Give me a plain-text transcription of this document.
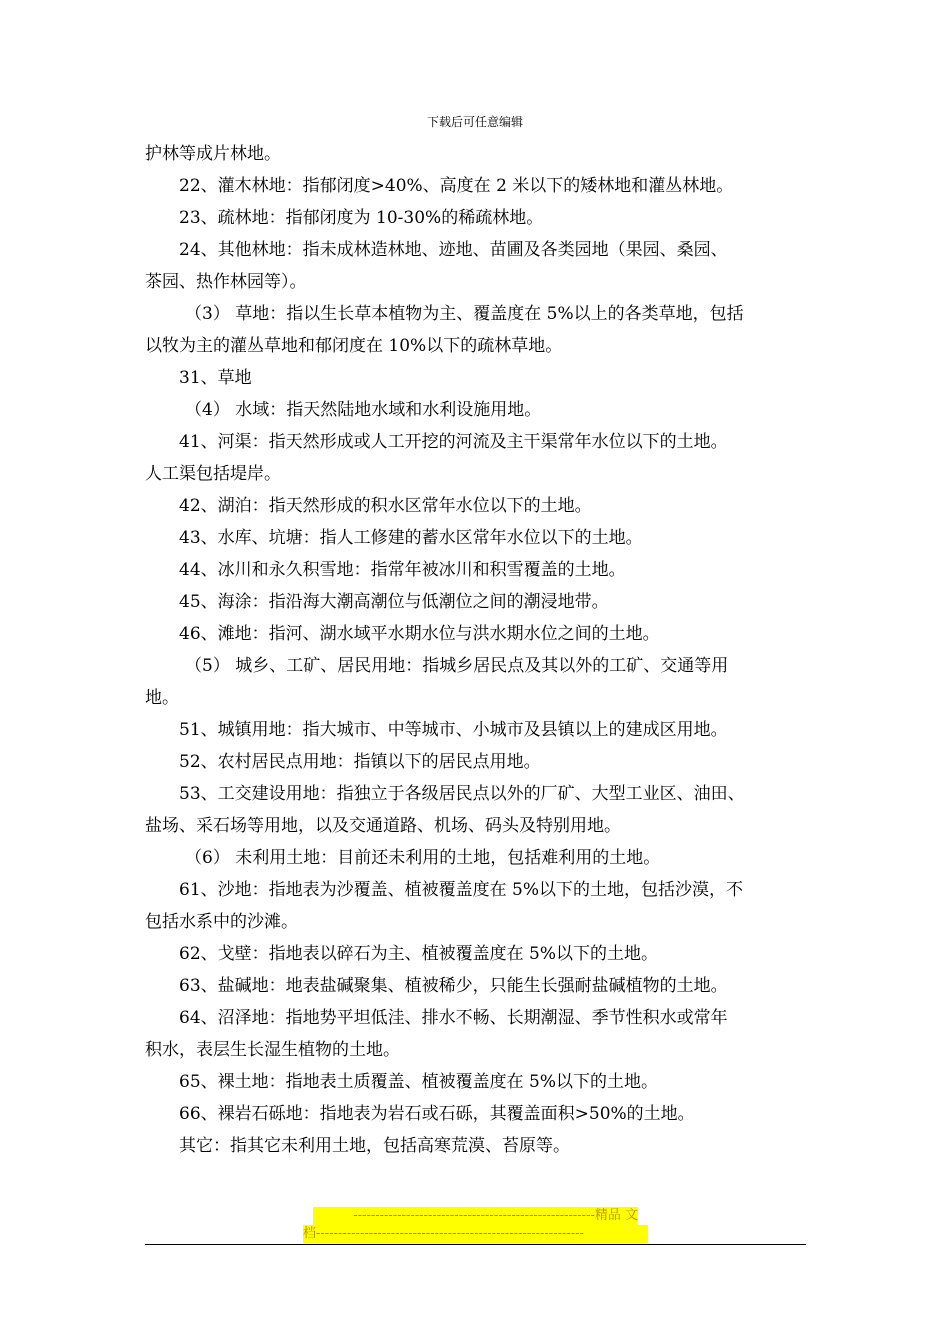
下载后可任意编辑
护林等成片林地。
22、灌木林地：指郁闭度>40%、高度在 2 米以下的矮林地和灌丛林地。
23、疏林地：指郁闭度为 10-30%的稀疏林地。
24、其他林地：指未成林造林地、迹地、苗圃及各类园地（果园、桑园、
茶园、热作林园等）。
（3） 草地：指以生长草本植物为主、覆盖度在 5%以上的各类草地，包括
以牧为主的灌丛草地和郁闭度在 10%以下的疏林草地。
31、草地
（4） 水域：指天然陆地水域和水利设施用地。
41、河渠：指天然形成或人工开挖的河流及主干渠常年水位以下的土地。
人工渠包括堤岸。
42、湖泊：指天然形成的积水区常年水位以下的土地。
43、水库、坑塘：指人工修建的蓄水区常年水位以下的土地。
44、冰川和永久积雪地：指常年被冰川和积雪覆盖的土地。
45、海涂：指沿海大潮高潮位与低潮位之间的潮浸地带。
46、滩地：指河、湖水域平水期水位与洪水期水位之间的土地。
（5） 城乡、工矿、居民用地：指城乡居民点及其以外的工矿、交通等用
地。
51、城镇用地：指大城市、中等城市、小城市及县镇以上的建成区用地。
52、农村居民点用地：指镇以下的居民点用地。
53、工交建设用地：指独立于各级居民点以外的厂矿、大型工业区、油田、
盐场、采石场等用地，以及交通道路、机场、码头及特别用地。
（6） 未利用土地：目前还未利用的土地，包括难利用的土地。
61、沙地：指地表为沙覆盖、植被覆盖度在 5%以下的土地，包括沙漠，不
包括水系中的沙滩。
62、戈壁：指地表以碎石为主、植被覆盖度在 5%以下的土地。
63、盐碱地：地表盐碱聚集、植被稀少，只能生长强耐盐碱植物的土地。
64、沼泽地：指地势平坦低洼、排水不畅、长期潮湿、季节性积水或常年
积水，表层生长湿生植物的土地。
65、裸土地：指地表土质覆盖、植被覆盖度在 5%以下的土地。
66、裸岩石砾地：指地表为岩石或石砾，其覆盖面积>50%的土地。
其它：指其它未利用土地，包括高寒荒漠、苔原等。
-------------------------------------------------------精品 文
档-------------------------------------------------------------
